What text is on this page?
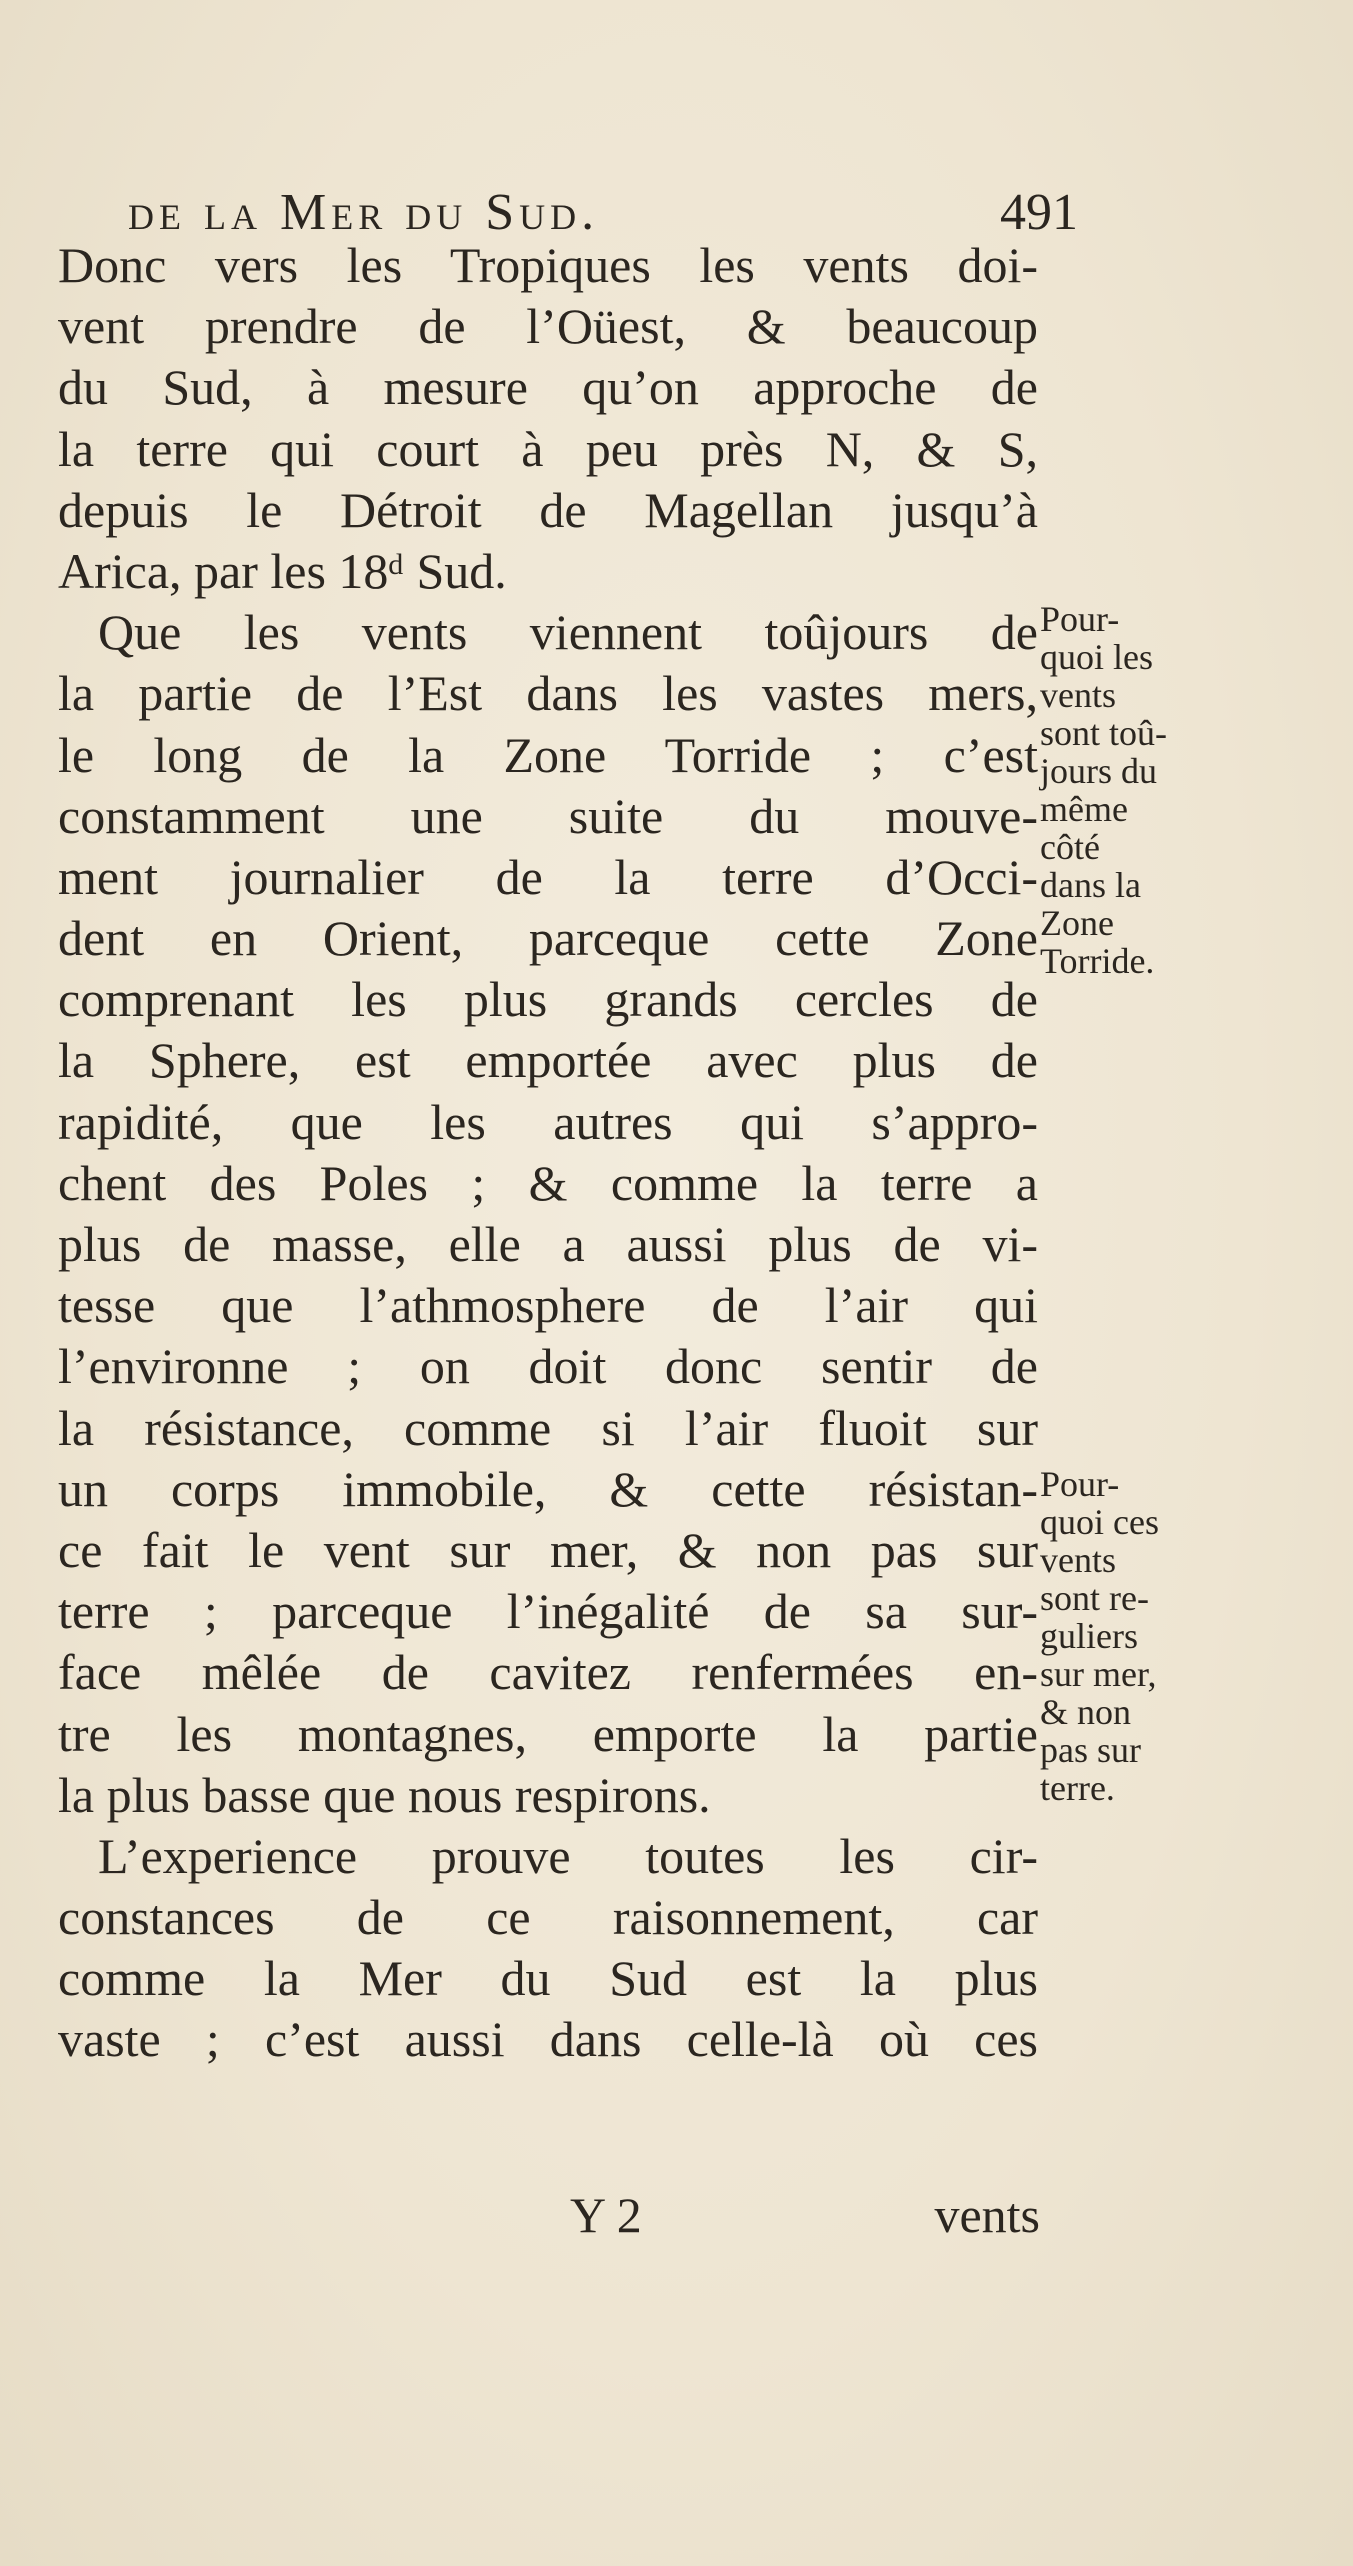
de la Mer du Sud.	491
Donc vers les Tropiques les vents doi-
vent prendre de l’Oüest, & beaucoup
du Sud, à mesure qu’on approche de
la terre qui court à peu près N, & S,
depuis le Détroit de Magellan jusqu’à
Arica, par les 18ᵈ Sud.
Que les vents viennent toûjours de
la partie de l’Est dans les vastes mers,
le long de la Zone Torride ; c’est
constamment une suite du mouve-
ment journalier de la terre d’Occi-
dent en Orient, parceque cette Zone
comprenant les plus grands cercles de
la Sphere, est emportée avec plus de
rapidité, que les autres qui s’appro-
chent des Poles ; & comme la terre a
plus de masse, elle a aussi plus de vi-
tesse que l’athmosphere de l’air qui
l’environne ; on doit donc sentir de
la résistance, comme si l’air fluoit sur
un corps immobile, & cette résistan-
ce fait le vent sur mer, & non pas sur
terre ; parceque l’inégalité de sa sur-
face mêlée de cavitez renfermées en-
tre les montagnes, emporte la partie
la plus basse que nous respirons.
L’experience prouve toutes les cir-
constances de ce raisonnement, car
comme la Mer du Sud est la plus
vaste ; c’est aussi dans celle-là où ces
Pour-
quoi les
vents
sont toû-
jours du
même
côté
dans la
Zone
Torride.
Pour-
quoi ces
vents
sont re-
guliers
sur mer,
& non
pas sur
terre.
Y 2	vents
